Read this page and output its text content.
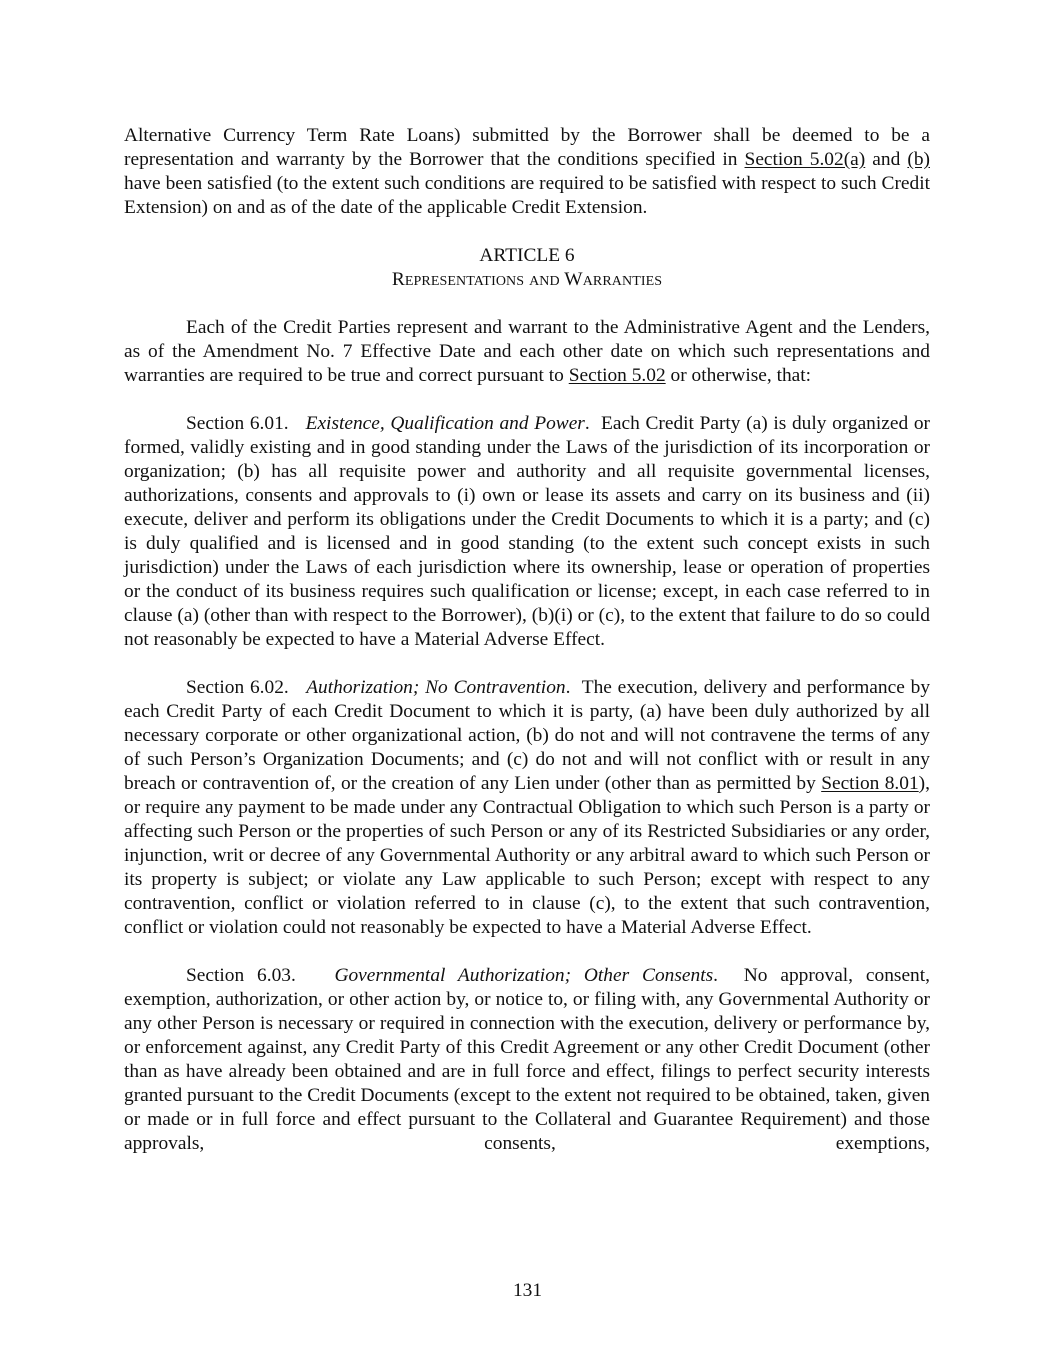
Alternative Currency Term Rate Loans) submitted by the Borrower shall be deemed to be a representation and warranty by the Borrower that the conditions specified in Section 5.02(a) and (b) have been satisfied (to the extent such conditions are required to be satisfied with respect to such Credit Extension) on and as of the date of the applicable Credit Extension.

ARTICLE 6
Representations and Warranties

Each of the Credit Parties represent and warrant to the Administrative Agent and the Lenders, as of the Amendment No. 7 Effective Date and each other date on which such representations and warranties are required to be true and correct pursuant to Section 5.02 or otherwise, that:

Section 6.01. Existence, Qualification and Power.  Each Credit Party (a) is duly organized or formed, validly existing and in good standing under the Laws of the jurisdiction of its incorporation or organization; (b) has all requisite power and authority and all requisite governmental licenses, authorizations, consents and approvals to (i) own or lease its assets and carry on its business and (ii) execute, deliver and perform its obligations under the Credit Documents to which it is a party; and (c) is duly qualified and is licensed and in good standing (to the extent such concept exists in such jurisdiction) under the Laws of each jurisdiction where its ownership, lease or operation of properties or the conduct of its business requires such qualification or license; except, in each case referred to in clause (a) (other than with respect to the Borrower), (b)(i) or (c), to the extent that failure to do so could not reasonably be expected to have a Material Adverse Effect.

Section 6.02. Authorization; No Contravention.  The execution, delivery and performance by each Credit Party of each Credit Document to which it is party, (a) have been duly authorized by all necessary corporate or other organizational action, (b) do not and will not contravene the terms of any of such Person’s Organization Documents; and (c) do not and will not conflict with or result in any breach or contravention of, or the creation of any Lien under (other than as permitted by Section 8.01), or require any payment to be made under any Contractual Obligation to which such Person is a party or affecting such Person or the properties of such Person or any of its Restricted Subsidiaries or any order, injunction, writ or decree of any Governmental Authority or any arbitral award to which such Person or its property is subject; or violate any Law applicable to such Person; except with respect to any contravention, conflict or violation referred to in clause (c), to the extent that such contravention, conflict or violation could not reasonably be expected to have a Material Adverse Effect.

Section 6.03. Governmental Authorization; Other Consents.  No approval, consent, exemption, authorization, or other action by, or notice to, or filing with, any Governmental Authority or any other Person is necessary or required in connection with the execution, delivery or performance by, or enforcement against, any Credit Party of this Credit Agreement or any other Credit Document (other than as have already been obtained and are in full force and effect, filings to perfect security interests granted pursuant to the Credit Documents (except to the extent not required to be obtained, taken, given or made or in full force and effect pursuant to the Collateral and Guarantee Requirement) and those approvals, consents, exemptions,

131
